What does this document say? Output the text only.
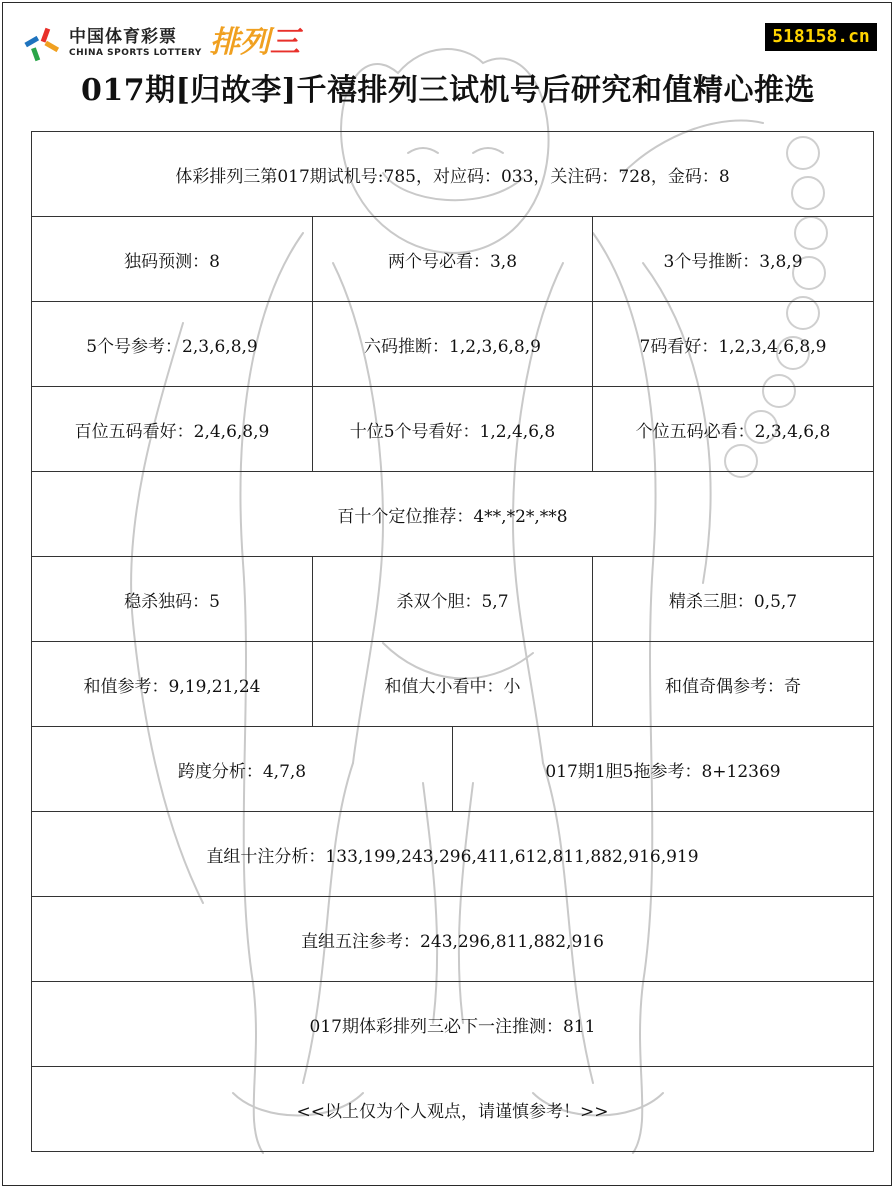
中国体育彩票
CHINA SPORTS LOTTERY 排列三	518158.cn
017期[归故李]千禧排列三试机号后研究和值精心推选
体彩排列三第017期试机号:785，对应码：033，关注码：728，金码：8
独码预测：8	两个号必看：3,8	3个号推断：3,8,9
5个号参考：2,3,6,8,9	六码推断：1,2,3,6,8,9	7码看好：1,2,3,4,6,8,9
百位五码看好：2,4,6,8,9	十位5个号看好：1,2,4,6,8	个位五码必看：2,3,4,6,8
百十个定位推荐：4**,*2*,**8
稳杀独码：5	杀双个胆：5,7	精杀三胆：0,5,7
和值参考：9,19,21,24	和值大小看中：小	和值奇偶参考：奇
跨度分析：4,7,8	017期1胆5拖参考：8+12369
直组十注分析：133,199,243,296,411,612,811,882,916,919
直组五注参考：243,296,811,882,916
017期体彩排列三必下一注推测：811
<<以上仅为个人观点，请谨慎参考！>>
